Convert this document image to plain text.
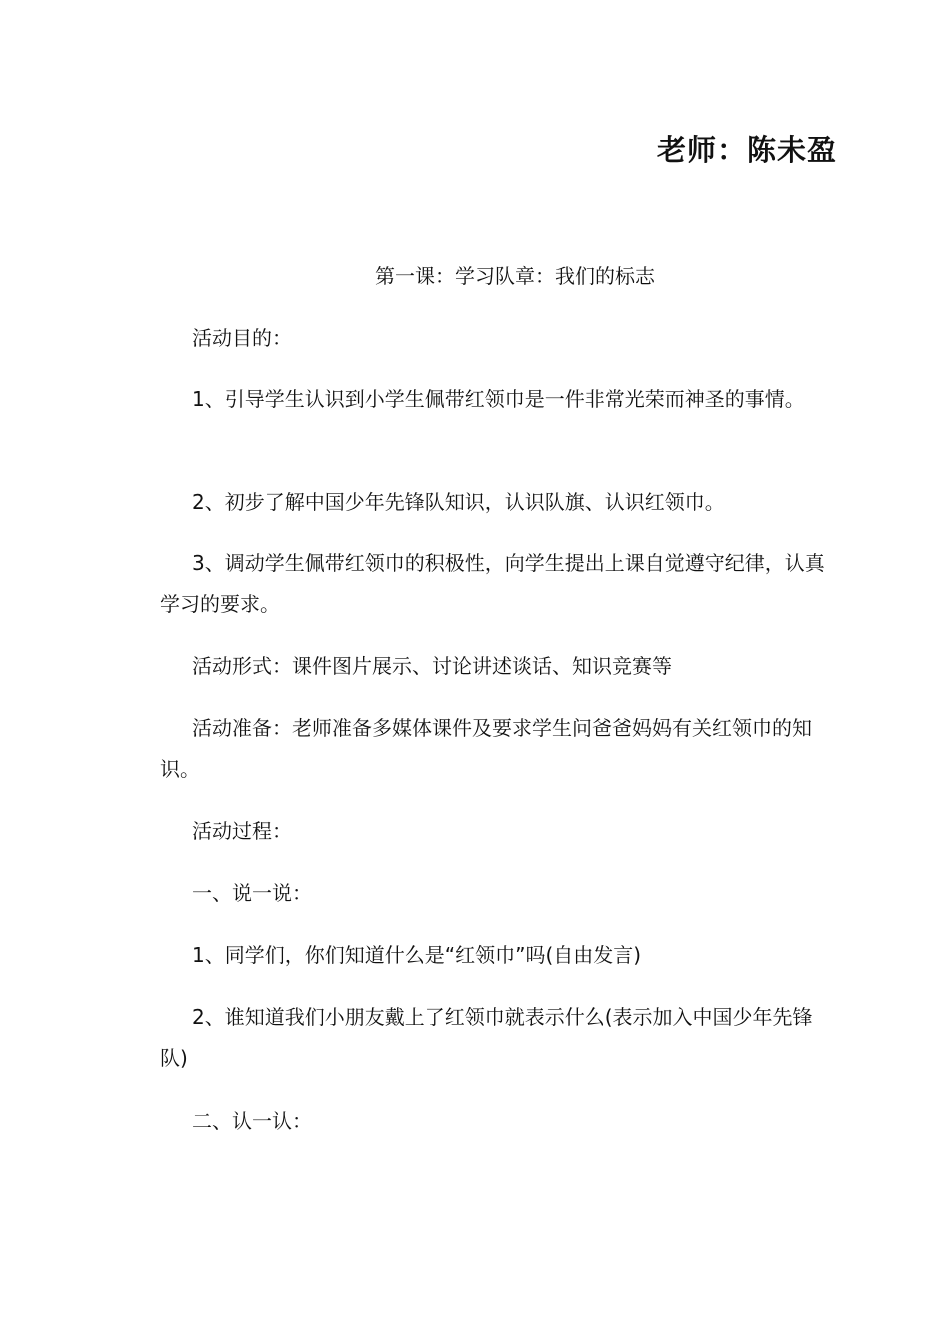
老师：陈未盈
第一课：学习队章：我们的标志

活动目的：

1、引导学生认识到小学生佩带红领巾是一件非常光荣而神圣的事情。

2、初步了解中国少年先锋队知识，认识队旗、认识红领巾。

3、调动学生佩带红领巾的积极性，向学生提出上课自觉遵守纪律，认真学习的要求。

活动形式：课件图片展示、讨论讲述谈话、知识竞赛等

活动准备：老师准备多媒体课件及要求学生问爸爸妈妈有关红领巾的知识。

活动过程：

一、说一说：

1、同学们，你们知道什么是“红领巾”吗(自由发言)

2、谁知道我们小朋友戴上了红领巾就表示什么(表示加入中国少年先锋队)

二、认一认：
